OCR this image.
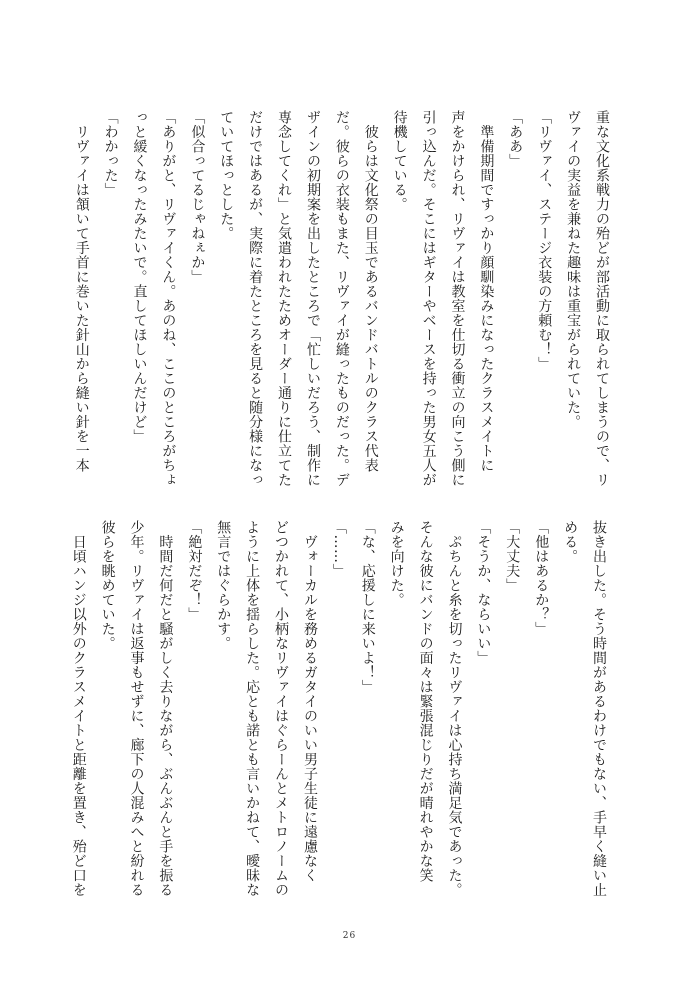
重な文化系戦力の殆どが部活動に取られてしまうので、リ
ヴァイの実益を兼ねた趣味は重宝がられていた。
「リヴァイ、ステージ衣装の方頼む！」
「ああ」
　準備期間ですっかり顔馴染みになったクラスメイトに
声をかけられ、リヴァイは教室を仕切る衝立の向こう側に
引っ込んだ。そこにはギターやベースを持った男女五人が
待機している。
　彼らは文化祭の目玉であるバンドバトルのクラス代表
だ。彼らの衣装もまた、リヴァイが縫ったものだった。デ
ザインの初期案を出したところで「忙しいだろう、制作に
専念してくれ」と気遣われたためオーダー通りに仕立てた
だけではあるが、実際に着たところを見ると随分様になっ
ていてほっとした。
「似合ってるじゃねぇか」
「ありがと、リヴァイくん。あのね、ここのところがちょ
っと緩くなったみたいで。直してほしいんだけど」
「わかった」
　リヴァイは頷いて手首に巻いた針山から縫い針を一本
抜き出した。そう時間があるわけでもない、手早く縫い止
める。
「他はあるか？」
「大丈夫」
「そうか、ならいい」
　ぷちんと糸を切ったリヴァイは心持ち満足気であった。
そんな彼にバンドの面々は緊張混じりだが晴れやかな笑
みを向けた。
「な、応援しに来いよ！」
「……」
　ヴォーカルを務めるガタイのいい男子生徒に遠慮なく
どつかれて、小柄なリヴァイはぐらーんとメトロノームの
ように上体を揺らした。応とも諾とも言いかねて、曖昧な
無言ではぐらかす。
「絶対だぞ！」
　時間だ何だと騒がしく去りながら、ぶんぶんと手を振る
少年。リヴァイは返事もせずに、廊下の人混みへと紛れる
彼らを眺めていた。
　日頃ハンジ以外のクラスメイトと距離を置き、殆ど口を
26
